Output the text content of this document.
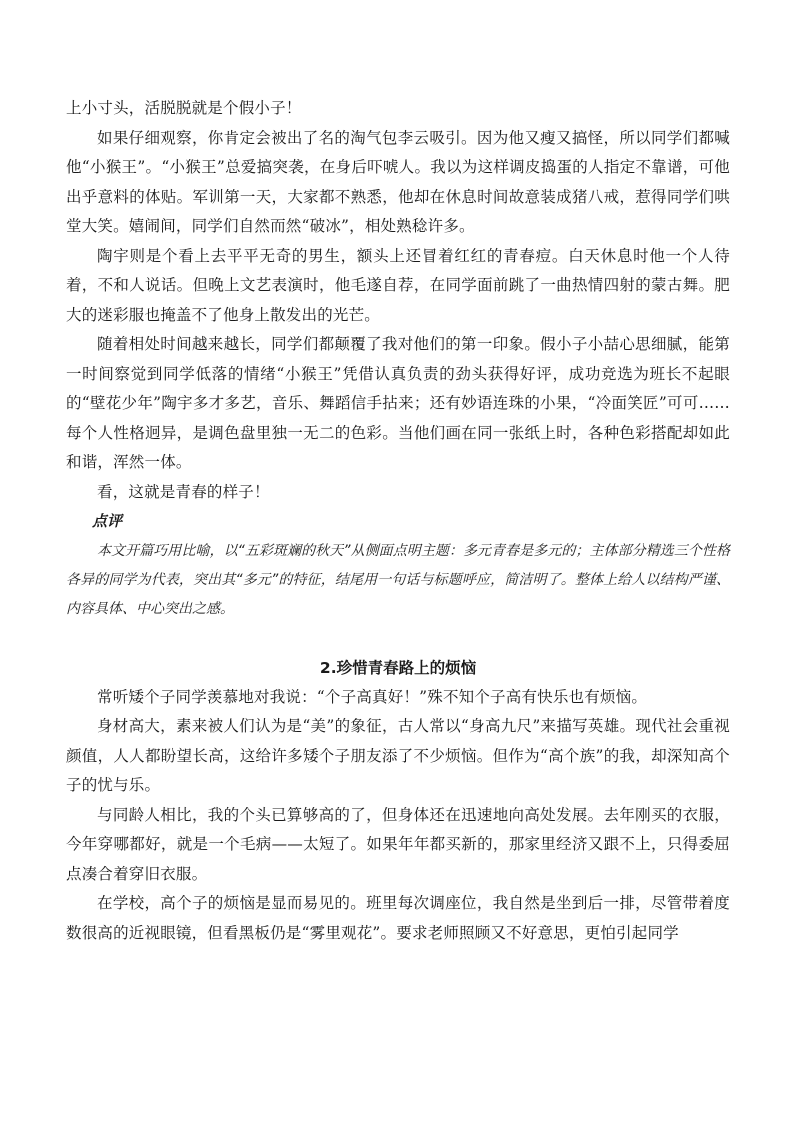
上小寸头，活脱脱就是个假小子！

如果仔细观察，你肯定会被出了名的淘气包李云吸引。因为他又瘦又搞怪，所以同学们都喊他“小猴王”。“小猴王”总爱搞突袭，在身后吓唬人。我以为这样调皮捣蛋的人指定不靠谱，可他出乎意料的体贴。军训第一天，大家都不熟悉，他却在休息时间故意装成猪八戒，惹得同学们哄堂大笑。嬉闹间，同学们自然而然“破冰”，相处熟稔许多。

陶宇则是个看上去平平无奇的男生，额头上还冒着红红的青春痘。白天休息时他一个人待着，不和人说话。但晚上文艺表演时，他毛遂自荐，在同学面前跳了一曲热情四射的蒙古舞。肥大的迷彩服也掩盖不了他身上散发出的光芒。

随着相处时间越来越长，同学们都颠覆了我对他们的第一印象。假小子小喆心思细腻，能第一时间察觉到同学低落的情绪“小猴王”凭借认真负责的劲头获得好评，成功竞选为班长不起眼的“壁花少年”陶宇多才多艺，音乐、舞蹈信手拈来；还有妙语连珠的小果，“冷面笑匠”可可……每个人性格迥异，是调色盘里独一无二的色彩。当他们画在同一张纸上时，各种色彩搭配却如此和谐，浑然一体。

看，这就是青春的样子！

点评

本文开篇巧用比喻，以“五彩斑斓的秋天”从侧面点明主题：多元青春是多元的；主体部分精选三个性格各异的同学为代表，突出其“多元”的特征，结尾用一句话与标题呼应，简洁明了。整体上给人以结构严谨、内容具体、中心突出之感。

2.珍惜青春路上的烦恼

常听矮个子同学羡慕地对我说：“个子高真好！”殊不知个子高有快乐也有烦恼。

身材高大，素来被人们认为是“美”的象征，古人常以“身高九尺”来描写英雄。现代社会重视颜值，人人都盼望长高，这给许多矮个子朋友添了不少烦恼。但作为“高个族”的我，却深知高个子的忧与乐。

与同龄人相比，我的个头已算够高的了，但身体还在迅速地向高处发展。去年刚买的衣服，今年穿哪都好，就是一个毛病——太短了。如果年年都买新的，那家里经济又跟不上，只得委屈点凑合着穿旧衣服。

在学校，高个子的烦恼是显而易见的。班里每次调座位，我自然是坐到后一排，尽管带着度数很高的近视眼镜，但看黑板仍是“雾里观花”。要求老师照顾又不好意思，更怕引起同学
